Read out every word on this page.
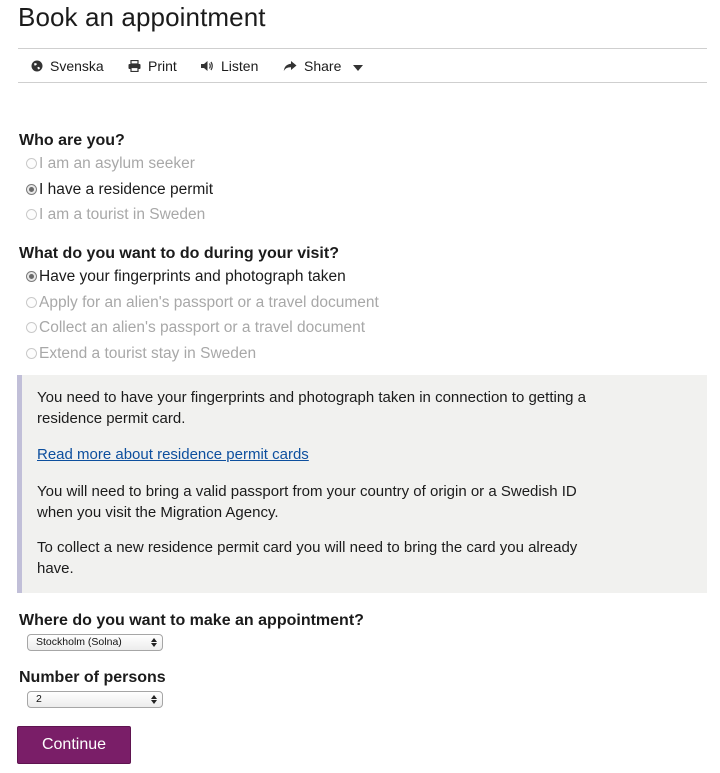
Book an appointment
Svenska	Print	Listen	Share
Who are you?
I am an asylum seeker
I have a residence permit
I am a tourist in Sweden
What do you want to do during your visit?
Have your fingerprints and photograph taken
Apply for an alien's passport or a travel document
Collect an alien's passport or a travel document
Extend a tourist stay in Sweden

You need to have your fingerprints and photograph taken in connection to getting a residence permit card.

Read more about residence permit cards

You will need to bring a valid passport from your country of origin or a Swedish ID when you visit the Migration Agency.

To collect a new residence permit card you will need to bring the card you already have.

Where do you want to make an appointment?
Stockholm (Solna)
Number of persons
2
Continue
